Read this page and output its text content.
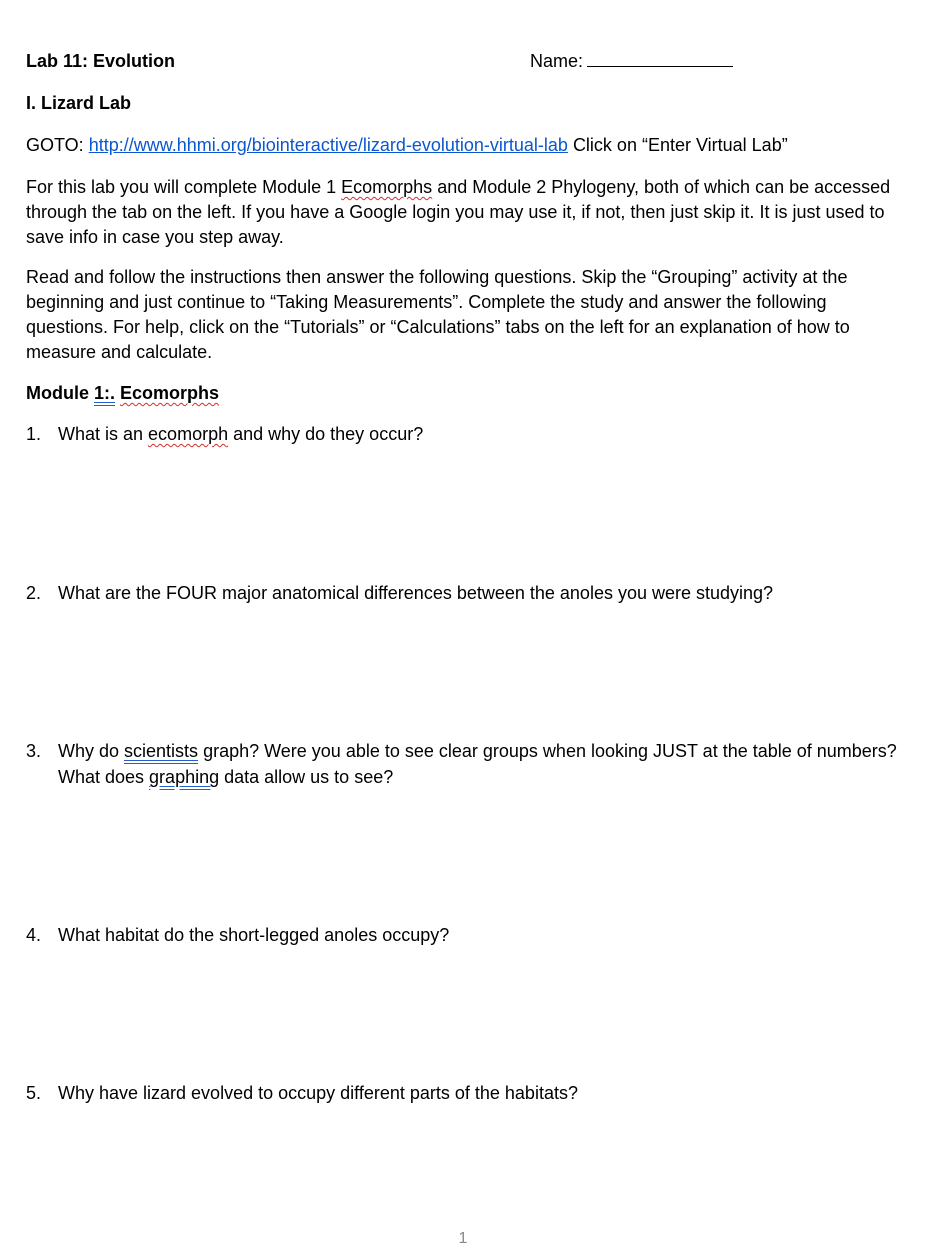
Lab 11: Evolution	Name:
I. Lizard Lab
GOTO: http://www.hhmi.org/biointeractive/lizard-evolution-virtual-lab Click on “Enter Virtual Lab”
For this lab you will complete Module 1 Ecomorphs and Module 2 Phylogeny, both of which can be accessed through the tab on the left. If you have a Google login you may use it, if not, then just skip it. It is just used to save info in case you step away.
Read and follow the instructions then answer the following questions. Skip the “Grouping” activity at the beginning and just continue to “Taking Measurements”. Complete the study and answer the following questions. For help, click on the “Tutorials” or “Calculations” tabs on the left for an explanation of how to measure and calculate.
Module 1:. Ecomorphs
1. What is an ecomorph and why do they occur?
2. What are the FOUR major anatomical differences between the anoles you were studying?
3. Why do scientists graph? Were you able to see clear groups when looking JUST at the table of numbers? What does graphing data allow us to see?
4. What habitat do the short-legged anoles occupy?
5. Why have lizard evolved to occupy different parts of the habitats?
1
